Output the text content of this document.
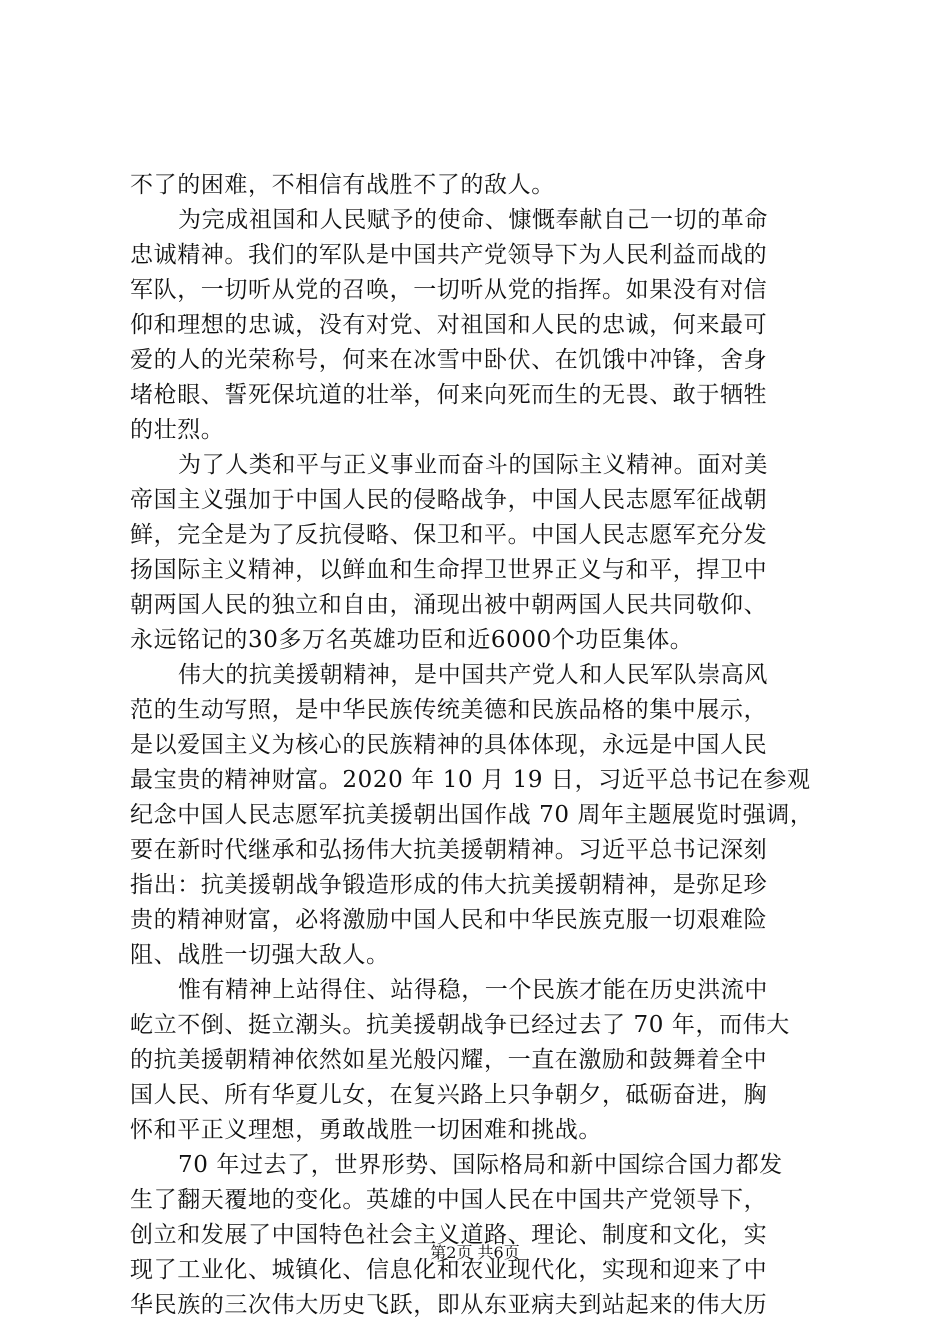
不了的困难，不相信有战胜不了的敌人。
为完成祖国和人民赋予的使命、慷慨奉献自己一切的革命
忠诚精神。我们的军队是中国共产党领导下为人民利益而战的
军队，一切听从党的召唤，一切听从党的指挥。如果没有对信
仰和理想的忠诚，没有对党、对祖国和人民的忠诚，何来最可
爱的人的光荣称号，何来在冰雪中卧伏、在饥饿中冲锋，舍身
堵枪眼、誓死保坑道的壮举，何来向死而生的无畏、敢于牺牲
的壮烈。
为了人类和平与正义事业而奋斗的国际主义精神。面对美
帝国主义强加于中国人民的侵略战争，中国人民志愿军征战朝
鲜，完全是为了反抗侵略、保卫和平。中国人民志愿军充分发
扬国际主义精神，以鲜血和生命捍卫世界正义与和平，捍卫中
朝两国人民的独立和自由，涌现出被中朝两国人民共同敬仰、
永远铭记的30多万名英雄功臣和近6000个功臣集体。
伟大的抗美援朝精神，是中国共产党人和人民军队崇高风
范的生动写照，是中华民族传统美德和民族品格的集中展示，
是以爱国主义为核心的民族精神的具体体现，永远是中国人民
最宝贵的精神财富。2020 年 10 月 19 日，习近平总书记在参观
纪念中国人民志愿军抗美援朝出国作战 70 周年主题展览时强调，
要在新时代继承和弘扬伟大抗美援朝精神。习近平总书记深刻
指出：抗美援朝战争锻造形成的伟大抗美援朝精神，是弥足珍
贵的精神财富，必将激励中国人民和中华民族克服一切艰难险
阻、战胜一切强大敌人。
惟有精神上站得住、站得稳，一个民族才能在历史洪流中
屹立不倒、挺立潮头。抗美援朝战争已经过去了 70 年，而伟大
的抗美援朝精神依然如星光般闪耀，一直在激励和鼓舞着全中
国人民、所有华夏儿女，在复兴路上只争朝夕，砥砺奋进，胸
怀和平正义理想，勇敢战胜一切困难和挑战。
70 年过去了，世界形势、国际格局和新中国综合国力都发
生了翻天覆地的变化。英雄的中国人民在中国共产党领导下，
创立和发展了中国特色社会主义道路、理论、制度和文化，实
现了工业化、城镇化、信息化和农业现代化，实现和迎来了中
华民族的三次伟大历史飞跃，即从东亚病夫到站起来的伟大历
第2页 共6页
